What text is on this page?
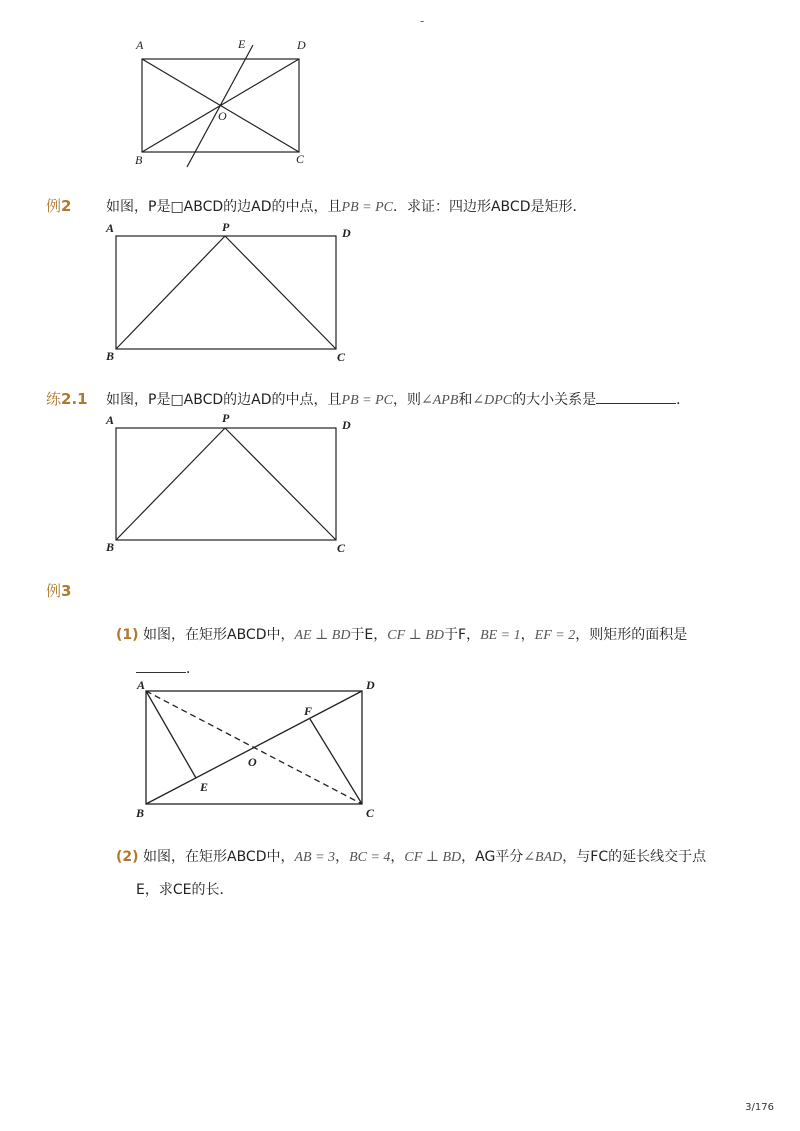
-
A	E	D
O
B	C
例2 如图，P是□ABCD的边AD的中点，且PB = PC．求证：四边形ABCD是矩形．
A	P	D
B	C
练2.1 如图，P是□ABCD的边AD的中点，且PB = PC，则∠APB和∠DPC的大小关系是	．
A	P	D
B	C
例3
(1) 如图，在矩形ABCD中，AE ⊥ BD于E，CF ⊥ BD于F，BE = 1，EF = 2，则矩形的面积是
．
A	D
F
O
E
B	C
(2) 如图，在矩形ABCD中，AB = 3，BC = 4，CF ⊥ BD，AG平分∠BAD，与FC的延长线交于点
E，求CE的长．
3/176
